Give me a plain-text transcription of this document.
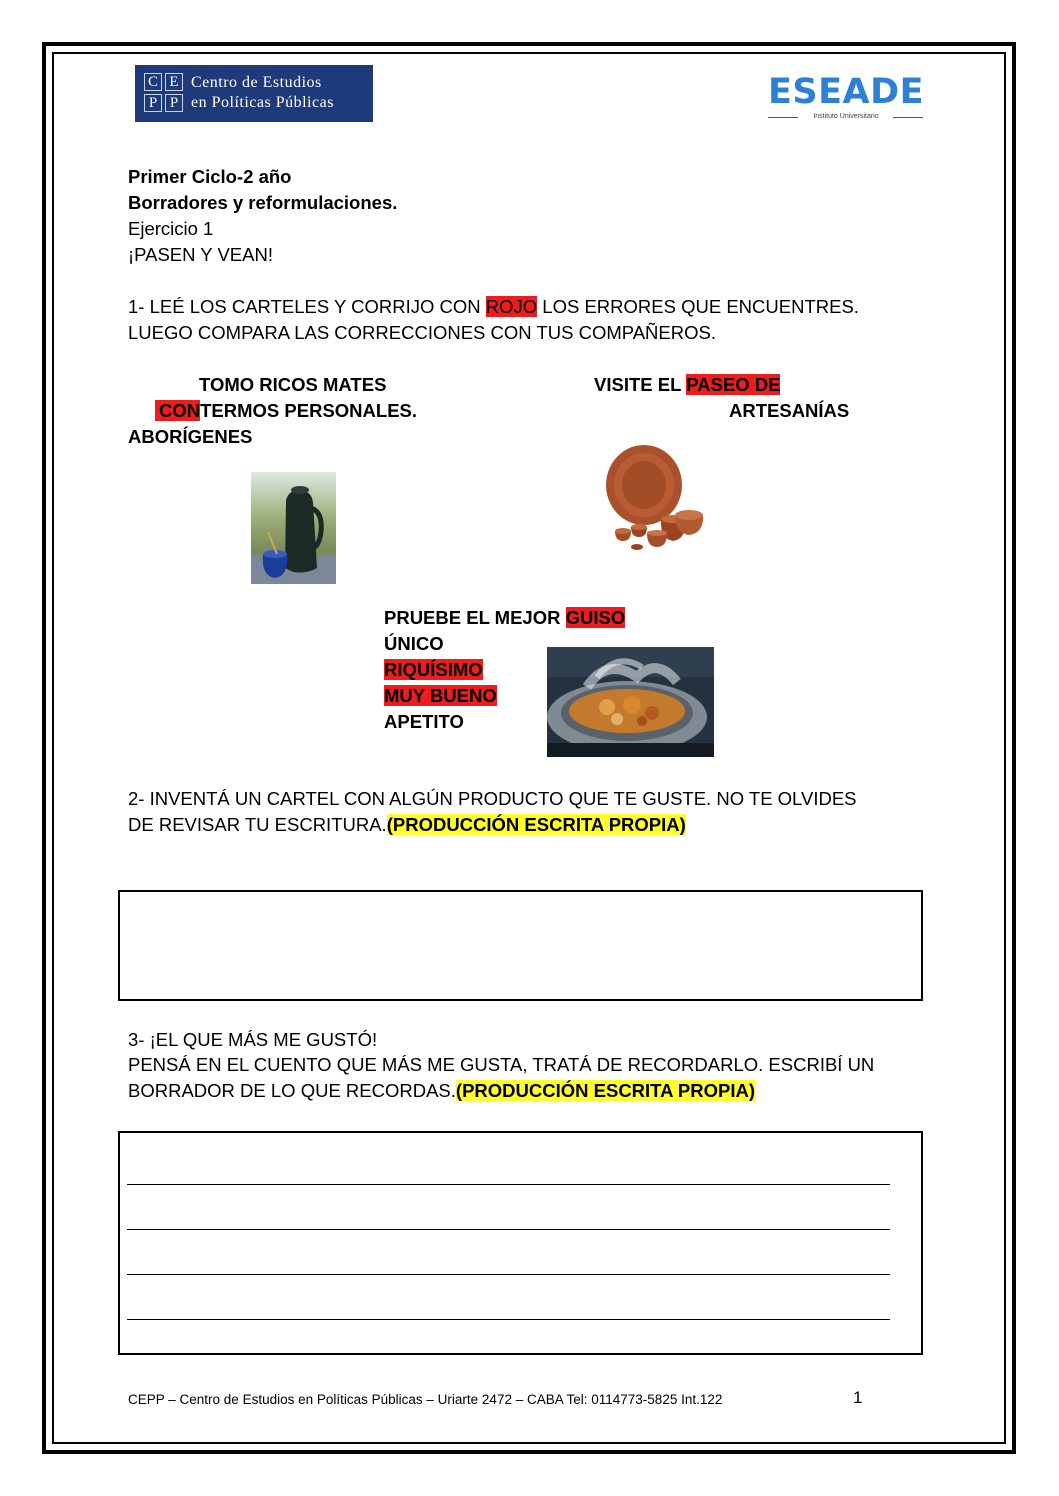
C E
P P
Centro de Estudios
en Políticas Públicas	ESEADE
Instituto Universitario
Primer Ciclo-2 año
Borradores y reformulaciones.
Ejercicio 1
¡PASEN Y VEAN!
1- LEÉ LOS CARTELES Y CORRIJO CON ROJO LOS ERRORES QUE ENCUENTRES.
LUEGO COMPARA LAS CORRECCIONES CON TUS COMPAÑEROS.
TOMO RICOS MATES
CONTERMOS PERSONALES.
ABORÍGENES
VISITE EL PASEO DE
ARTESANÍAS
PRUEBE EL MEJOR GUISO
ÚNICO
RIQUÍSIMO
MUY BUENO
APETITO
2- INVENTÁ UN CARTEL CON ALGÚN PRODUCTO QUE TE GUSTE. NO TE OLVIDES
DE REVISAR TU ESCRITURA.(PRODUCCIÓN ESCRITA PROPIA)
3- ¡EL QUE MÁS ME GUSTÓ!
PENSÁ EN EL CUENTO QUE MÁS ME GUSTA, TRATÁ DE RECORDARLO. ESCRIBÍ UN
BORRADOR DE LO QUE RECORDAS.(PRODUCCIÓN ESCRITA PROPIA)
CEPP – Centro de Estudios en Políticas Públicas – Uriarte 2472 – CABA Tel: 0114773-5825 Int.122	1
